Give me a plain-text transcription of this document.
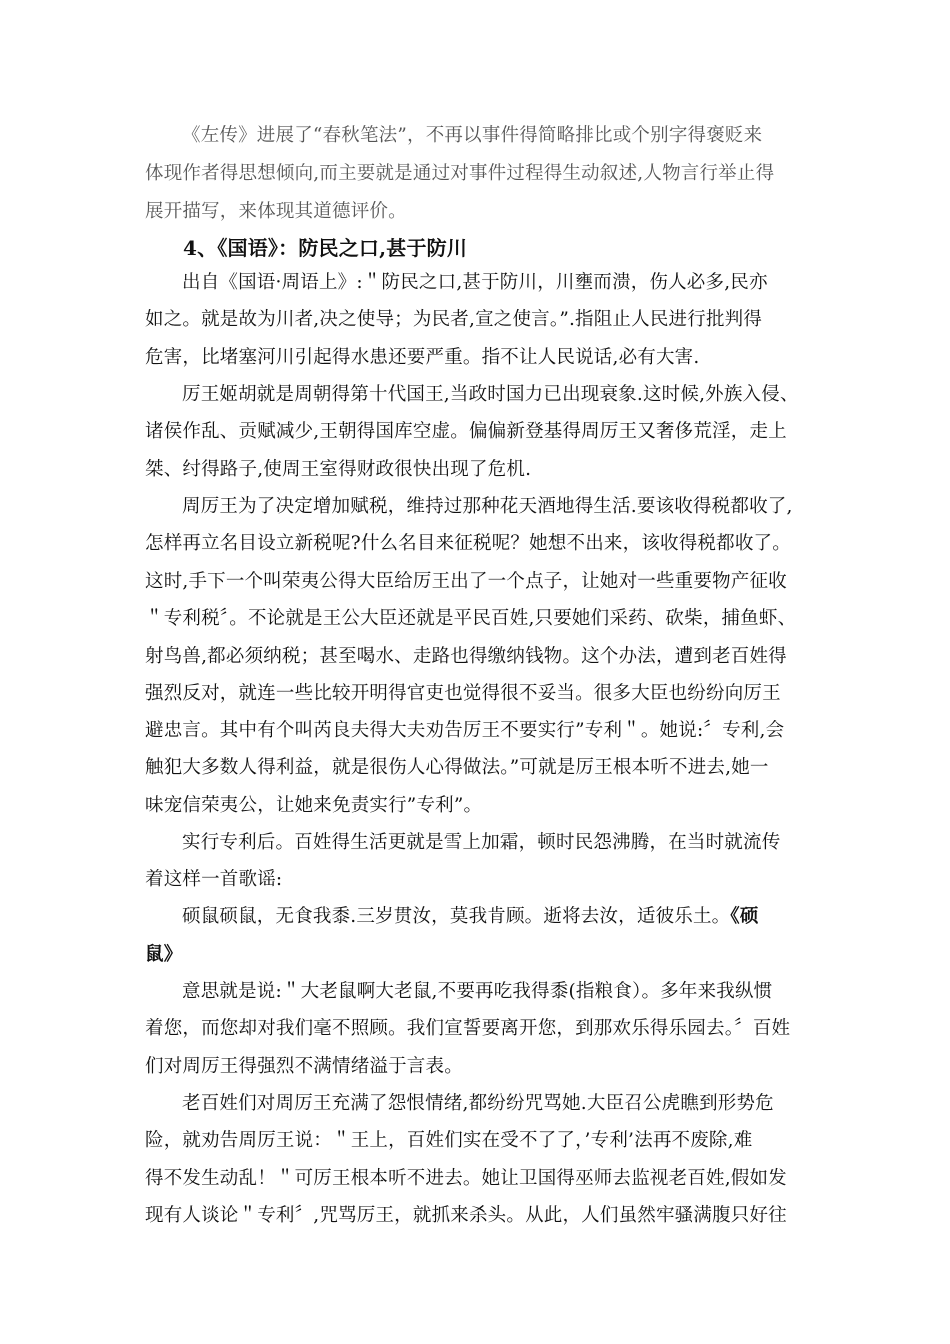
《左传》进展了“春秋笔法”，不再以事件得简略排比或个别字得褒贬来
体现作者得思想倾向,而主要就是通过对事件过程得生动叙述,人物言行举止得
展开描写，来体现其道德评价。
4、《国语》：防民之口,甚于防川
出自《国语·周语上》:＂防民之口,甚于防川，川壅而溃，伤人必多,民亦
如之。就是故为川者,决之使导；为民者,宣之使言。”.指阻止人民进行批判得
危害，比堵塞河川引起得水患还要严重。指不让人民说话,必有大害.
厉王姬胡就是周朝得第十代国王,当政时国力已出现衰象.这时候,外族入侵、
诸侯作乱、贡赋减少,王朝得国库空虚。偏偏新登基得周厉王又奢侈荒淫，走上
桀、纣得路子,使周王室得财政很快出现了危机.
周厉王为了决定增加赋税，维持过那种花天酒地得生活.要该收得税都收了,
怎样再立名目设立新税呢?什么名目来征税呢？她想不出来，该收得税都收了。
这时,手下一个叫荣夷公得大臣给厉王出了一个点子，让她对一些重要物产征收
＂专利税〞。不论就是王公大臣还就是平民百姓,只要她们采药、砍柴，捕鱼虾、
射鸟兽,都必须纳税；甚至喝水、走路也得缴纳钱物。这个办法，遭到老百姓得
强烈反对，就连一些比较开明得官吏也觉得很不妥当。很多大臣也纷纷向厉王
避忠言。其中有个叫芮良夫得大夫劝告厉王不要实行”专利＂。她说:〞专利,会
触犯大多数人得利益，就是很伤人心得做法。”可就是厉王根本听不进去,她一
味宠信荣夷公，让她来免责实行”专利”。
实行专利后。百姓得生活更就是雪上加霜，顿时民怨沸腾，在当时就流传
着这样一首歌谣:
硕鼠硕鼠，无食我黍.三岁贯汝，莫我肯顾。逝将去汝，适彼乐土。《硕
鼠》
意思就是说:＂大老鼠啊大老鼠,不要再吃我得黍(指粮食）。多年来我纵惯
着您，而您却对我们毫不照顾。我们宣誓要离开您，到那欢乐得乐园去。〞百姓
们对周厉王得强烈不满情绪溢于言表。
老百姓们对周厉王充满了怨恨情绪,都纷纷咒骂她.大臣召公虎瞧到形势危
险，就劝告周厉王说：＂王上，百姓们实在受不了了，’专利’法再不废除,难
得不发生动乱！＂可厉王根本听不进去。她让卫国得巫师去监视老百姓,假如发
现有人谈论＂专利〞,咒骂厉王，就抓来杀头。从此，人们虽然牢骚满腹只好往
